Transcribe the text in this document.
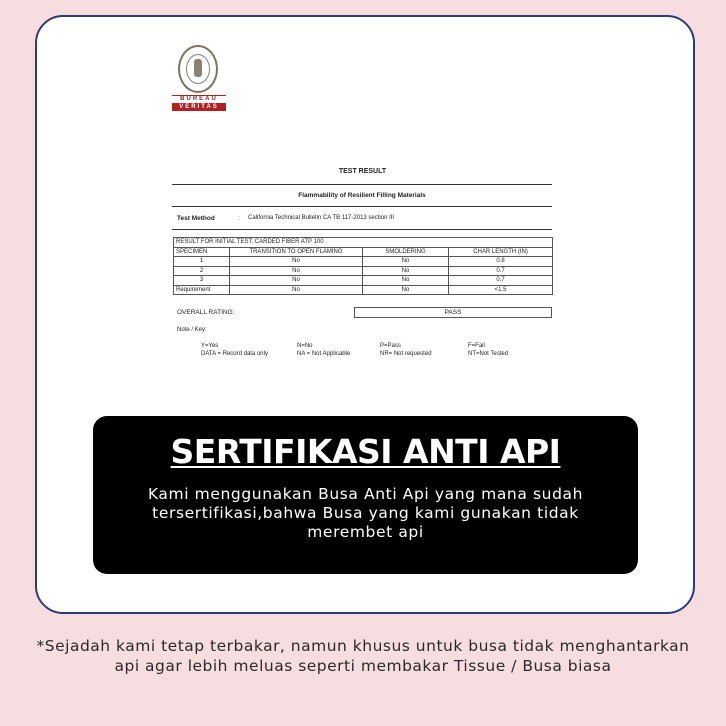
BUREAU
VERITAS
TEST RESULT
Flammability of Resilient Filling Materials
Test Method	: California Technical Bulletin CA TB 117-2013 section III
RESULT FOR INITIAL TEST: CARDED FIBER ATP 100			
SPECIMEN	TRANSITION TO OPEN FLAMING	SMOLDERING	CHAR LENGTH (IN)
1	No	No	0.8
2	No	No	0.7
3	No	No	0.7
Requirement	No	No	<1.5
OVERALL RATING:	PASS
Note / Key:
Y=Yes
DATA = Record data only
N=No
NA = Not Applicable
P=Pass
NR= Not requested
F=Fail
NT=Not Tested
SERTIFIKASI ANTI API
Kami menggunakan Busa Anti Api yang mana sudah tersertifikasi,bahwa Busa yang kami gunakan tidak merembet api
*Sejadah kami tetap terbakar, namun khusus untuk busa tidak menghantarkan api agar lebih meluas seperti membakar Tissue / Busa biasa
